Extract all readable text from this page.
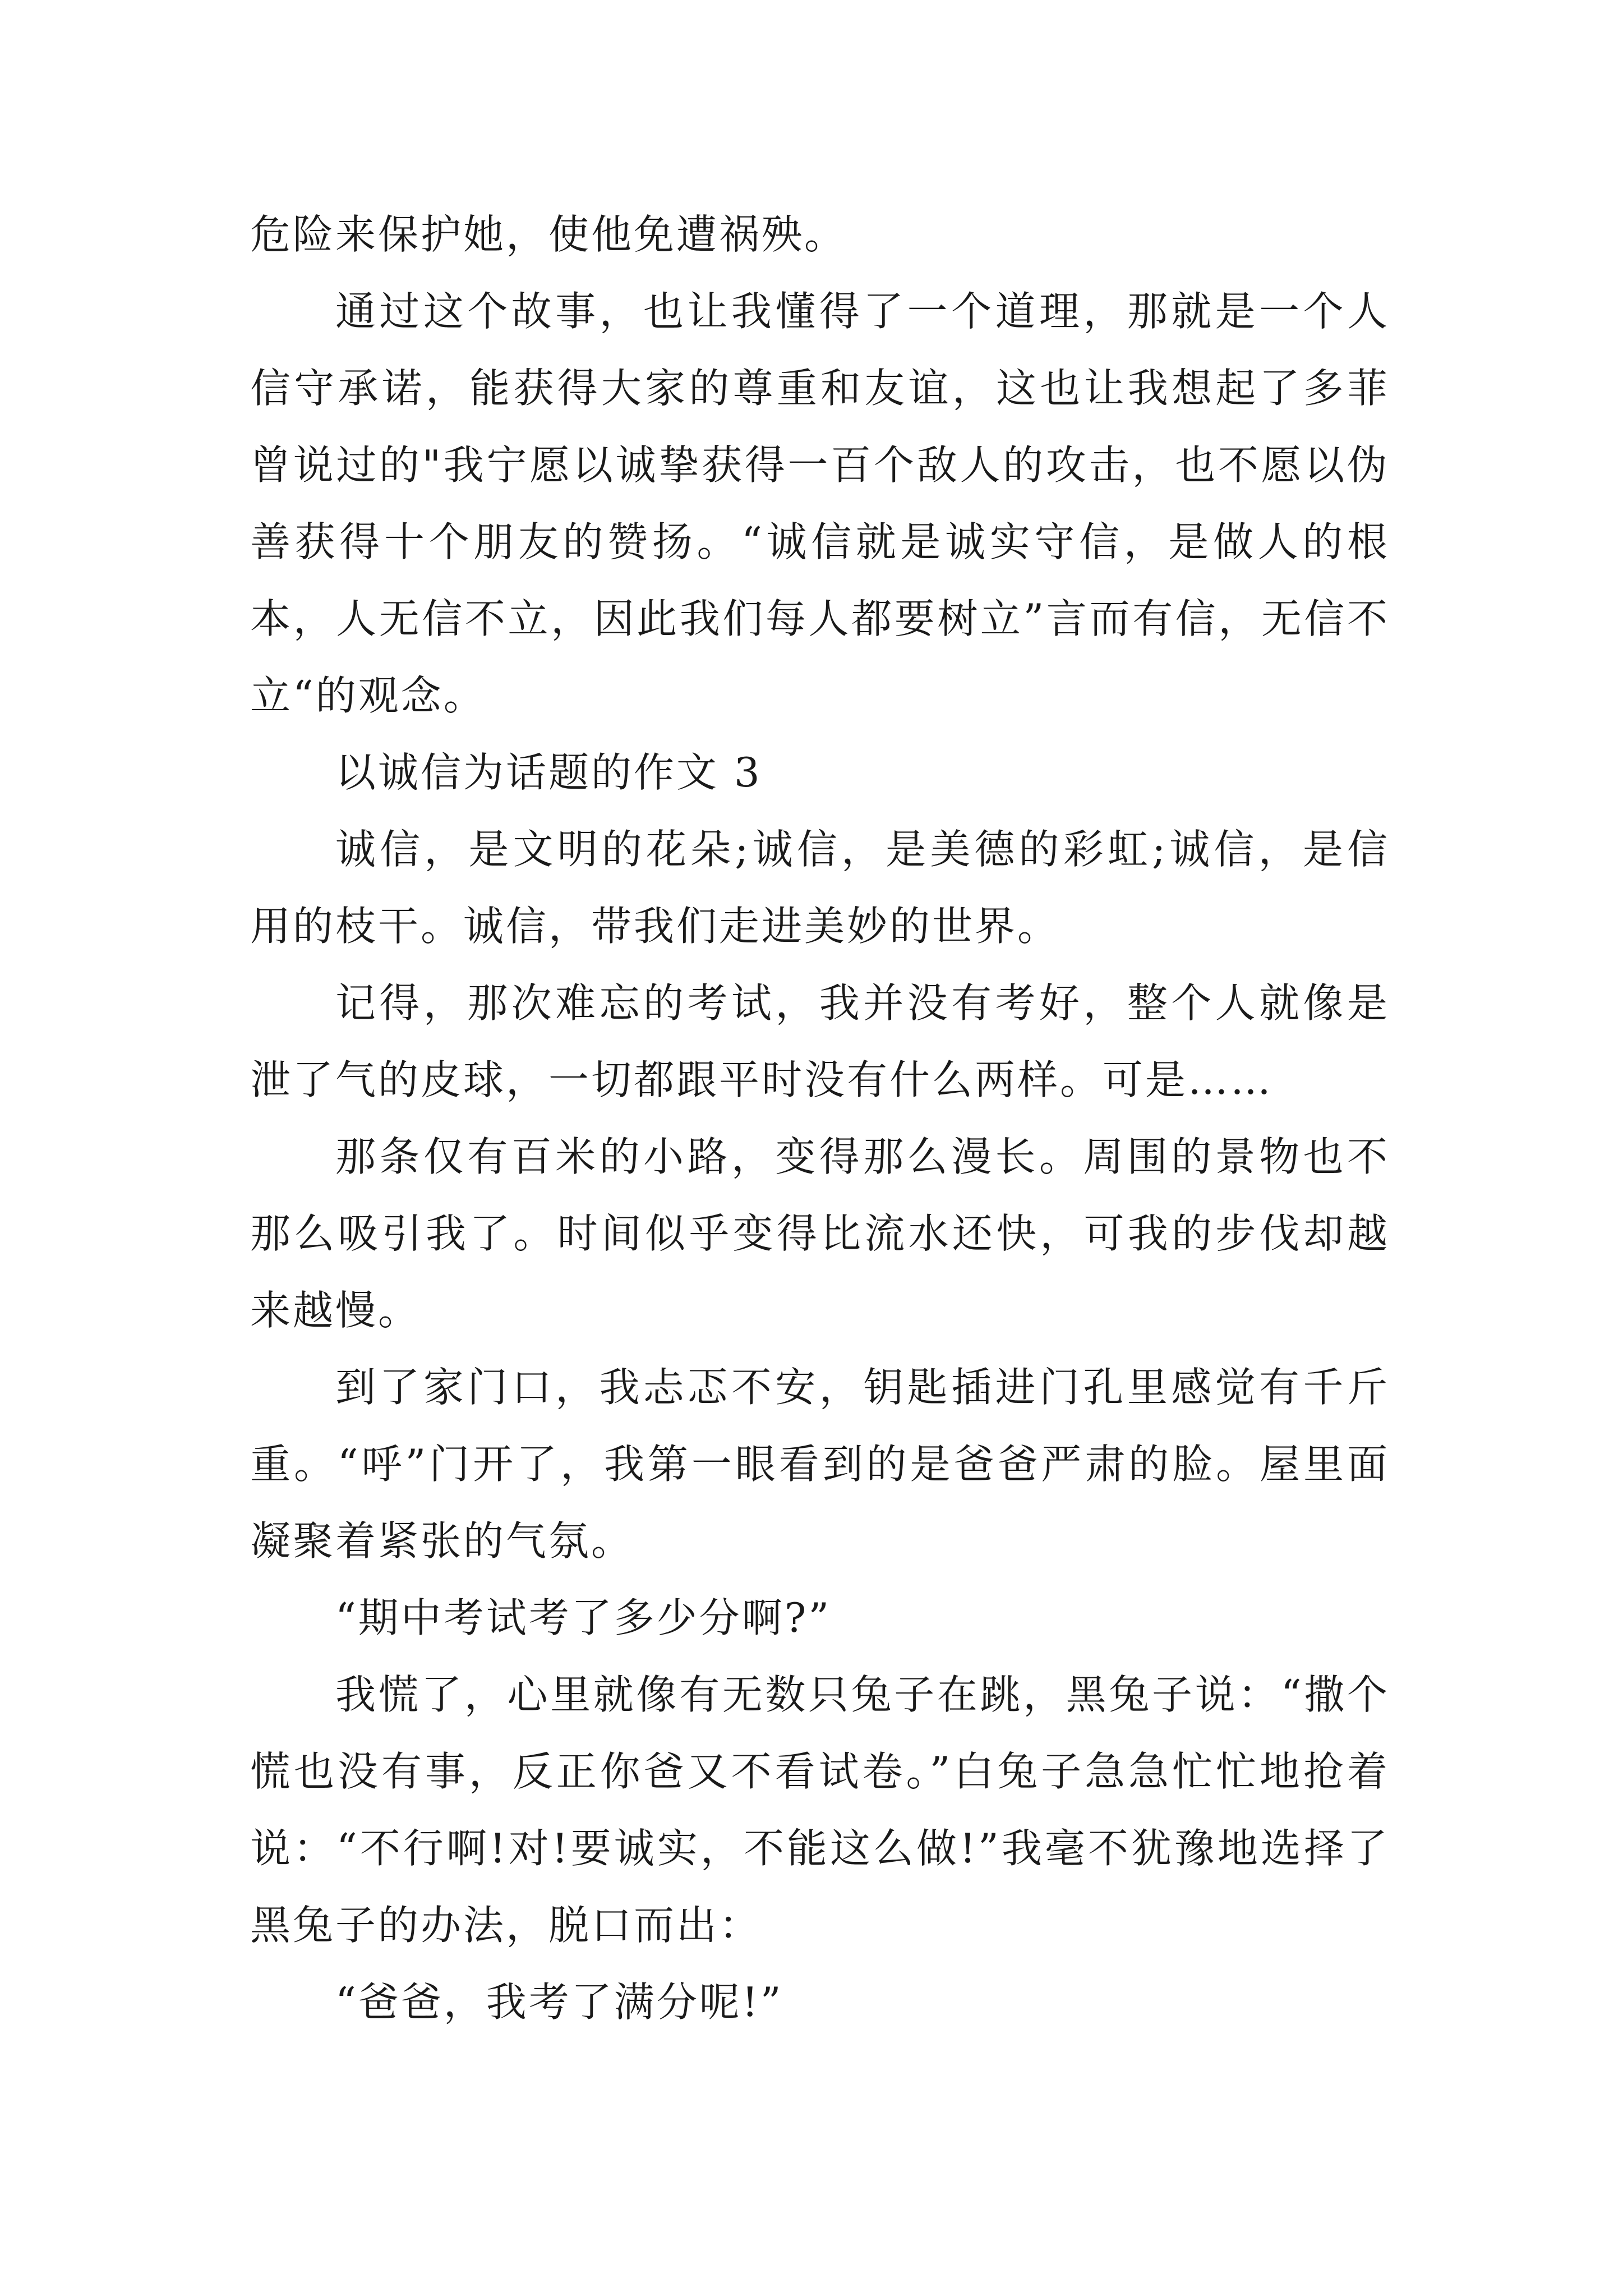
危险来保护她，使他免遭祸殃。

通过这个故事，也让我懂得了一个道理，那就是一个人信守承诺，能获得大家的尊重和友谊，这也让我想起了多菲曾说过的"我宁愿以诚挚获得一百个敌人的攻击，也不愿以伪善获得十个朋友的赞扬。“诚信就是诚实守信，是做人的根本，人无信不立，因此我们每人都要树立”言而有信，无信不立“的观念。

以诚信为话题的作文 3

诚信，是文明的花朵;诚信，是美德的彩虹;诚信，是信用的枝干。诚信，带我们走进美妙的世界。

记得，那次难忘的考试，我并没有考好，整个人就像是泄了气的皮球，一切都跟平时没有什么两样。可是……

那条仅有百米的小路，变得那么漫长。周围的景物也不那么吸引我了。时间似乎变得比流水还快，可我的步伐却越来越慢。

到了家门口，我忐忑不安，钥匙插进门孔里感觉有千斤重。“呼”门开了，我第一眼看到的是爸爸严肃的脸。屋里面凝聚着紧张的气氛。

“期中考试考了多少分啊?”

我慌了，心里就像有无数只兔子在跳，黑兔子说：“撒个慌也没有事，反正你爸又不看试卷。”白兔子急急忙忙地抢着说：“不行啊!对!要诚实，不能这么做!”我毫不犹豫地选择了黑兔子的办法，脱口而出：

“爸爸，我考了满分呢!”
